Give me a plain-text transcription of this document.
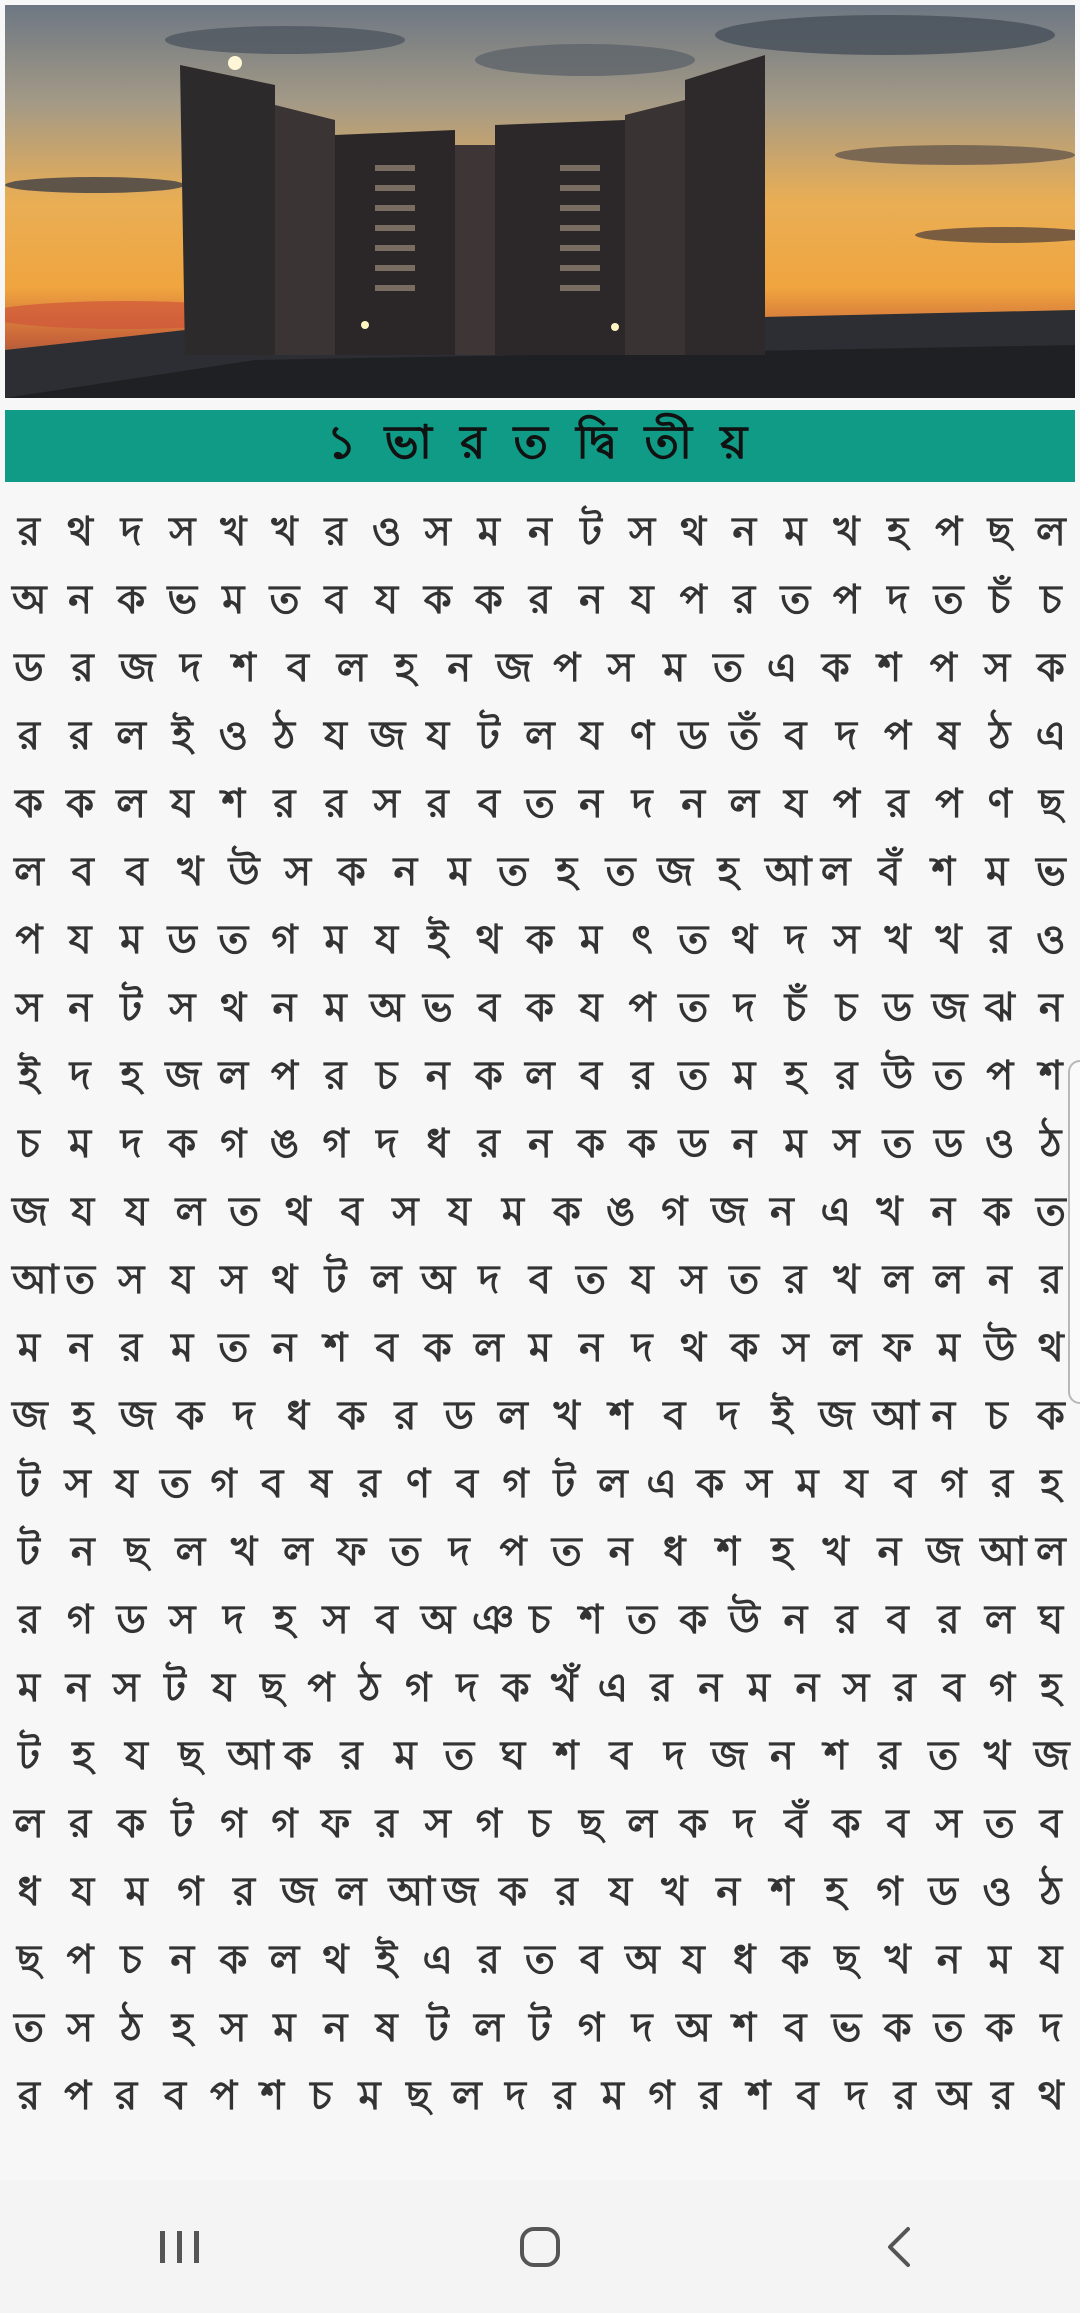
১ ভা র ত দ্বি তী য়
র থ দ স খ খ র ও স ম ন ট স থ ন ম খ হ প ছ ল
অ ন ক ভ ম ত ব য ক ক র ন য প র ত প দ ত চঁ চ
ড র জ দ শ ব ল হ ন জ প স ম ত এ ক শ প স ক
র র ল ই ও ঠ য জ য ট ল য ণ ড তঁ ব দ প ষ ঠ এ
ক ক ল য শ র র স র ব ত ন দ ন ল য প র প ণ ছ
ল ব ব খ উ স ক ন ম ত হ ত জ হ আ ল বঁ শ ম ভ
প য ম ড ত গ ম য ই থ ক ম ৎ ত থ দ স খ খ র ও
স ন ট স থ ন ম অ ভ ব ক য প ত দ চঁ চ ড জ ঝ ন
ই দ হ জ ল প র চ ন ক ল ব র ত ম হ র উ ত প শ
চ ম দ ক গ ঙ গ দ ধ র ন ক ক ড ন ম স ত ড ও ঠ
জ য য ল ত থ ব স য ম ক ঙ গ জ ন এ খ ন ক ত
আ ত স য স থ ট ল অ দ ব ত য স ত র খ ল ল ন র
ম ন র ম ত ন শ ব ক ল ম ন দ থ ক স ল ফ ম উ থ
জ হ জ ক দ ধ ক র ড ল খ শ ব দ ই জ আ ন চ ক
ট স য ত গ ব ষ র ণ ব গ ট ল এ ক স ম য ব গ র হ
ট ন ছ ল খ ল ফ ত দ প ত ন ধ শ হ খ ন জ আ ল
র গ ড স দ হ স ব অ ঞ চ শ ত ক উ ন র ব র ল ঘ
ম ন স ট য ছ প ঠ গ দ ক খঁ এ র ন ম ন স র ব গ হ
ট হ য ছ আ ক র ম ত ঘ শ ব দ জ ন শ র ত খ জ
ল র ক ট গ গ ফ র স গ চ ছ ল ক দ বঁ ক ব স ত ব
ধ য ম গ র জ ল আ জ ক র য খ ন শ হ গ ড ও ঠ
ছ প চ ন ক ল থ ই এ র ত ব অ য ধ ক ছ খ ন ম য
ত স ঠ হ স ম ন ষ ট ল ট গ দ অ শ ব ভ ক ত ক দ
র প র ব প শ চ ম ছ ল দ র ম গ র শ ব দ র অ র থ
